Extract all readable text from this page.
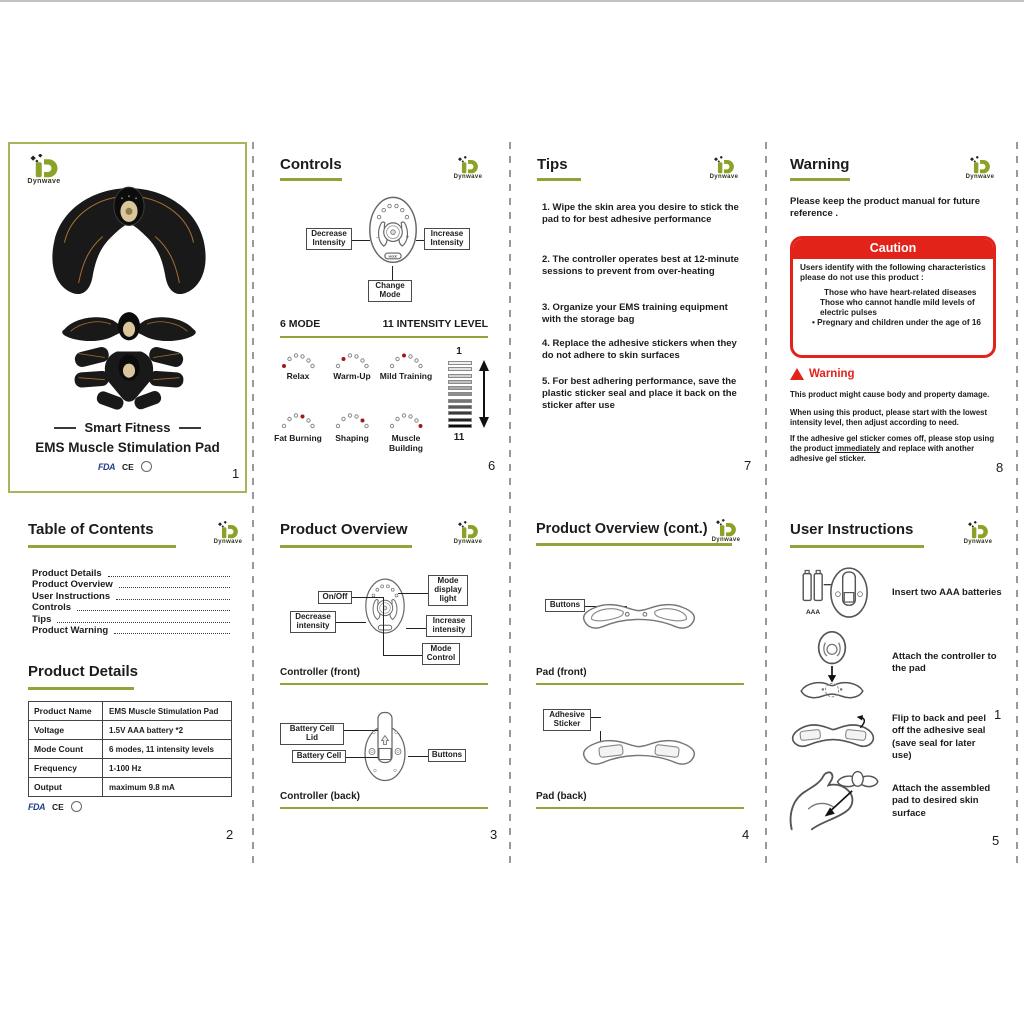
Dynwave
Smart Fitness
EMS Muscle Stimulation Pad
FDA CE	1
Controls
Dynwave
- +
MODE
Decrease Intensity
Increase Intensity
Change Mode
6 MODE	11 INTENSITY LEVEL
Relax	Warm-Up	Mild Training
Fat Burning	Shaping	Muscle Building
1
11
6
Tips
Dynwave
1. Wipe the skin area you desire to stick the pad to for best adhesive performance
2. The controller operates best at 12-minute sessions to prevent from over-heating
3. Organize your EMS training equipment with the storage bag
4. Replace the adhesive stickers when they do not adhere to skin surfaces
5. For best adhering performance, save the plastic sticker seal and place it back on the sticker after use
7
Warning
Dynwave
Please keep the product manual for future reference .
Caution
Users identify with the following characteristics please do not use this product :
Those who have heart-related diseases
Those who cannot handle mild levels of electric pulses
• Pregnary and children under the age of 16
Warning
This product might cause body and property damage.
When using this product, please start with the lowest intensity level, then adjust according to need.
If the adhesive gel sticker comes off, please stop using the product immediately and replace with another adhesive gel sticker.
8
Table of Contents
Dynwave
Product Details
Product Overview
User Instructions
Controls
Tips
Product Warning
Product Details
Product Name	EMS Muscle Stimulation Pad
Voltage	1.5V AAA battery *2
Mode Count	6 modes, 11 intensity levels
Frequency	1-100 Hz
Output	maximum 9.8 mA
FDA CE
2
Product Overview
Dynwave
On/Off
Mode display light
Decrease intensity
Increase intensity
Mode Control
Controller (front)
Battery Cell Lid
Battery Cell	Buttons
Controller (back)
3
Product Overview (cont.)
Dynwave
Buttons
Pad (front)
Adhesive Sticker
Pad (back)
4
User Instructions
Dynwave
AAA
Insert two AAA batteries
Attach the controller to the pad
Flip to back and peel off the adhesive seal (save seal for later use)
1
Attach the assembled pad to desired skin surface
5
